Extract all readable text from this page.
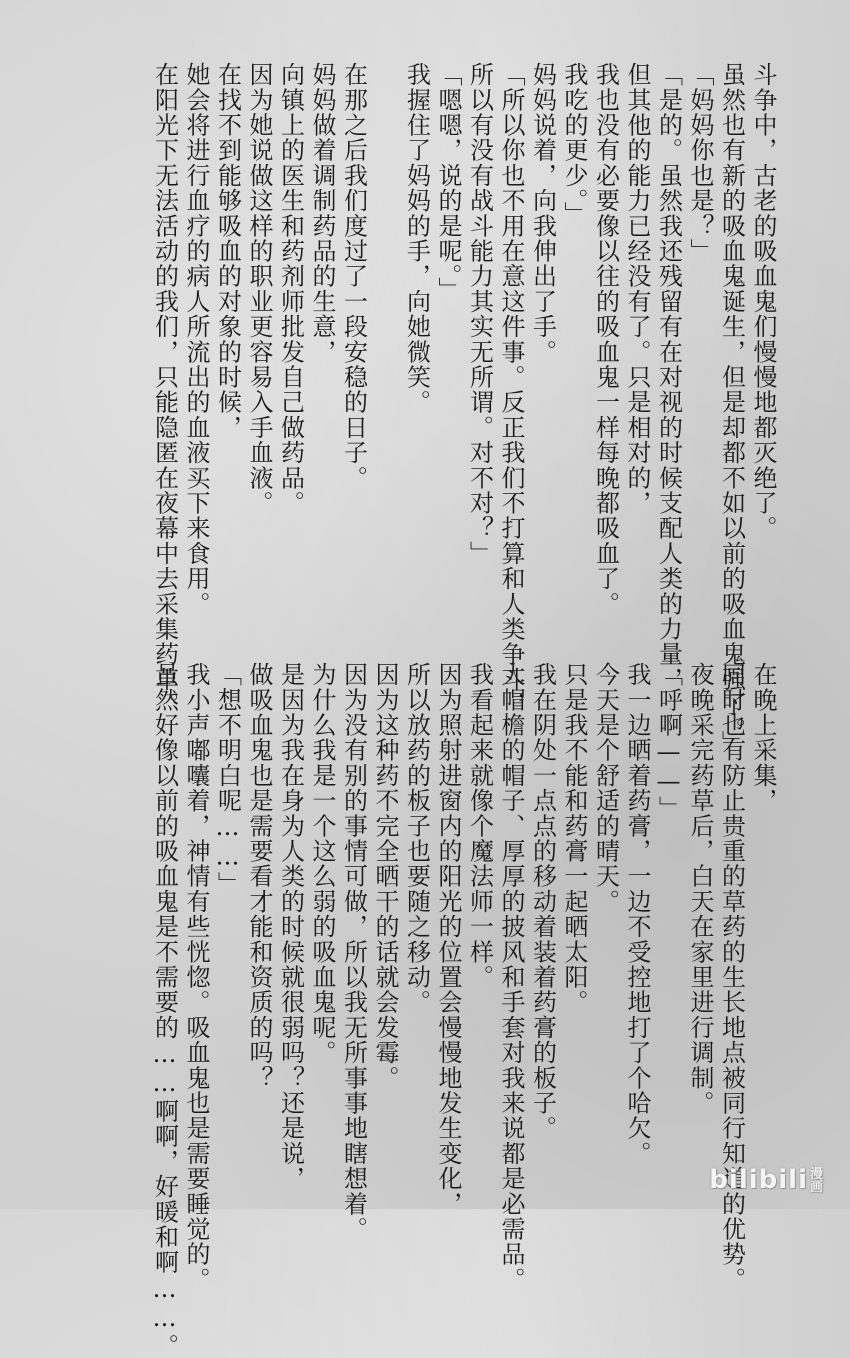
斗争中，古老的吸血鬼们慢慢地都灭绝了。
虽然也有新的吸血鬼诞生，但是却都不如以前的吸血鬼强了。」
「妈妈你也是？」
「是的。虽然我还残留有在对视的时候支配人类的力量，
但其他的能力已经没有了。只是相对的，
我也没有必要像以往的吸血鬼一样每晚都吸血了。
我吃的更少。」
妈妈说着，向我伸出了手。
「所以你也不用在意这件事。反正我们不打算和人类争斗，
所以有没有战斗能力其实无所谓。对不对？」
「嗯嗯，说的是呢。」
我握住了妈妈的手，向她微笑。

在那之后我们度过了一段安稳的日子。
妈妈做着调制药品的生意，
向镇上的医生和药剂师批发自己做药品。
因为她说做这样的职业更容易入手血液。
在找不到能够吸血的对象的时候，
她会将进行血疗的病人所流出的血液买下来食用。
在阳光下无法活动的我们，只能隐匿在夜幕中去采集药草。
在晚上采集，
同时也有防止贵重的草药的生长地点被同行知道的优势。
夜晚采完药草后，白天在家里进行调制。
「呼啊——」
我一边晒着药膏，一边不受控地打了个哈欠。
今天是个舒适的晴天。
只是我不能和药膏一起晒太阳。
我在阴处一点点的移动着装着药膏的板子。
大帽檐的帽子、厚厚的披风和手套对我来说都是必需品。
我看起来就像个魔法师一样。
因为照射进窗内的阳光的位置会慢慢地发生变化，
所以放药的板子也要随之移动。
因为这种药不完全晒干的话就会发霉。
因为没有别的事情可做，所以我无所事事地瞎想着。
为什么我是一个这么弱的吸血鬼呢。
是因为我在身为人类的时候就很弱吗？还是说，
做吸血鬼也是需要看才能和资质的吗？
「想不明白呢……」
我小声嘟囔着，神情有些恍惚。吸血鬼也是需要睡觉的。
虽然好像以前的吸血鬼是不需要的……啊啊，好暖和啊……。	bilibili 漫画
